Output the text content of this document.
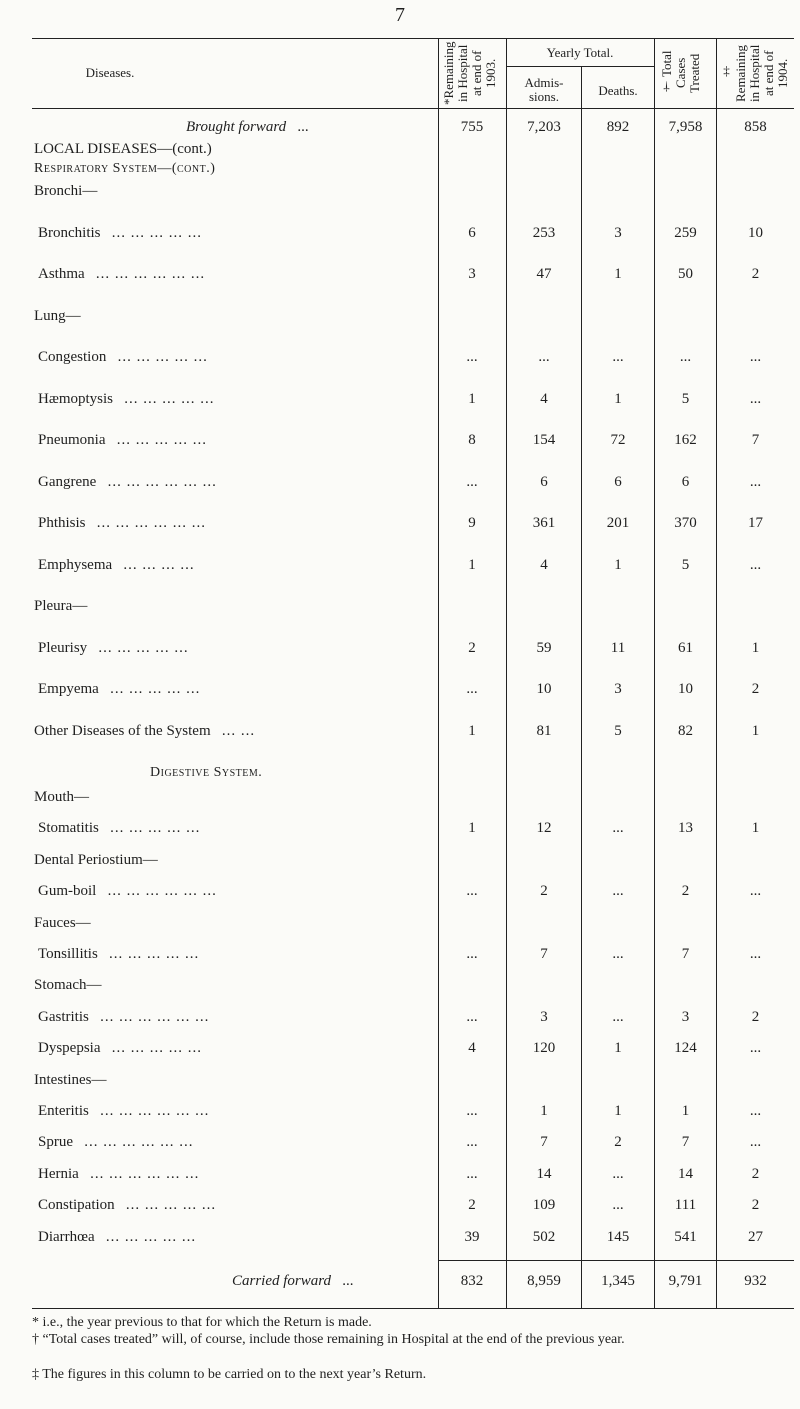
7
Diseases.	*Remaining in Hospital at end of 1903.
Yearly Total.
Admis- sions.	Deaths.	† Total Cases Treated	‡ Remaining in Hospital at end of 1904.
Brought forward ...	755	7,203	892	7,958	858
LOCAL DISEASES—(cont.)
Respiratory System—(cont.)
Bronchi—
Bronchitis ... ... ... ... ...	6	253	3	259	10
Asthma ... ... ... ... ... ...	3	47	1	50	2
Lung—
Congestion ... ... ... ... ...	...	...	...	...	...
Hæmoptysis ... ... ... ... ...	1	4	1	5	...
Pneumonia ... ... ... ... ...	8	154	72	162	7
Gangrene ... ... ... ... ... ...	...	6	6	6	...
Phthisis ... ... ... ... ... ...	9	361	201	370	17
Emphysema ... ... ... ...	1	4	1	5	...
Pleura—
Pleurisy ... ... ... ... ...	2	59	11	61	1
Empyema ... ... ... ... ...	...	10	3	10	2
Other Diseases of the System ... ...	1	81	5	82	1
Digestive System.
Mouth—
Stomatitis ... ... ... ... ...	1	12	...	13	1
Dental Periostium—
Gum-boil ... ... ... ... ... ...	...	2	...	2	...
Fauces—
Tonsillitis ... ... ... ... ...	...	7	...	7	...
Stomach—
Gastritis ... ... ... ... ... ...	...	3	...	3	2
Dyspepsia ... ... ... ... ...	4	120	1	124	...
Intestines—
Enteritis ... ... ... ... ... ...	...	1	1	1	...
Sprue ... ... ... ... ... ...	...	7	2	7	...
Hernia ... ... ... ... ... ...	...	14	...	14	2
Constipation ... ... ... ... ...	2	109	...	111	2
Diarrhœa ... ... ... ... ...	39	502	145	541	27
Carried forward ...	832	8,959	1,345	9,791	932
* i.e., the year previous to that for which the Return is made.
† “Total cases treated” will, of course, include those remaining in Hospital at the end of the previous year.
‡ The figures in this column to be carried on to the next year’s Return.
